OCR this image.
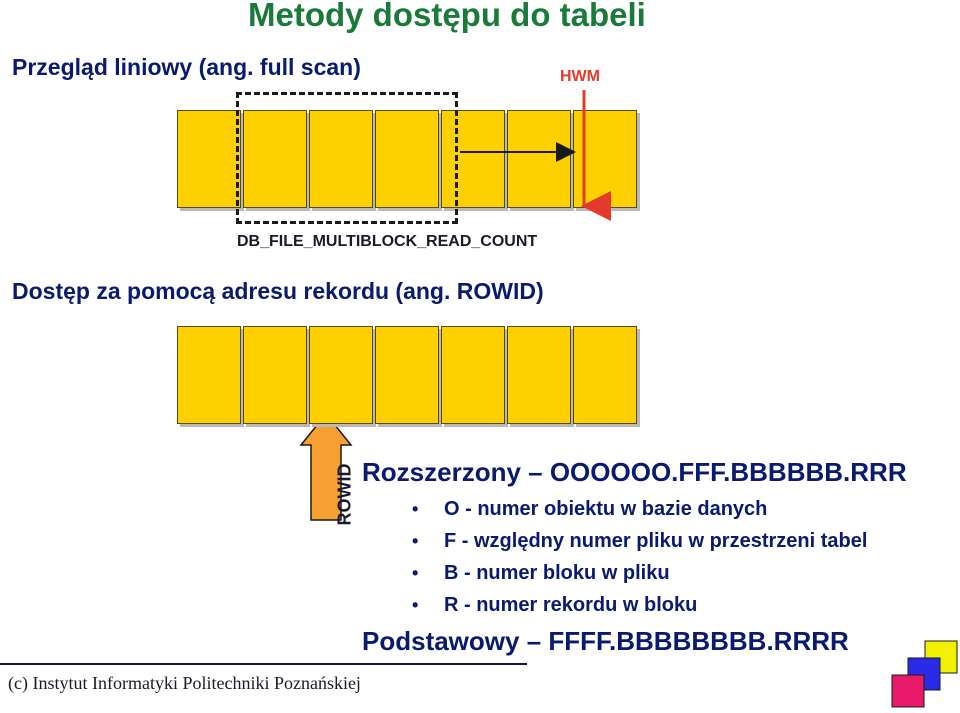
Metody dostępu do tabeli
Przegląd liniowy (ang. full scan)	HWM
DB_FILE_MULTIBLOCK_READ_COUNT
Dostęp za pomocą adresu rekordu (ang. ROWID)
ROWID Rozszerzony – OOOOOO.FFF.BBBBBB.RRR
• O - numer obiektu w bazie danych
• F - względny numer pliku w przestrzeni tabel
• B - numer bloku w pliku
• R - numer rekordu w bloku
Podstawowy – FFFF.BBBBBBBB.RRRR
(c) Instytut Informatyki Politechniki Poznańskiej
